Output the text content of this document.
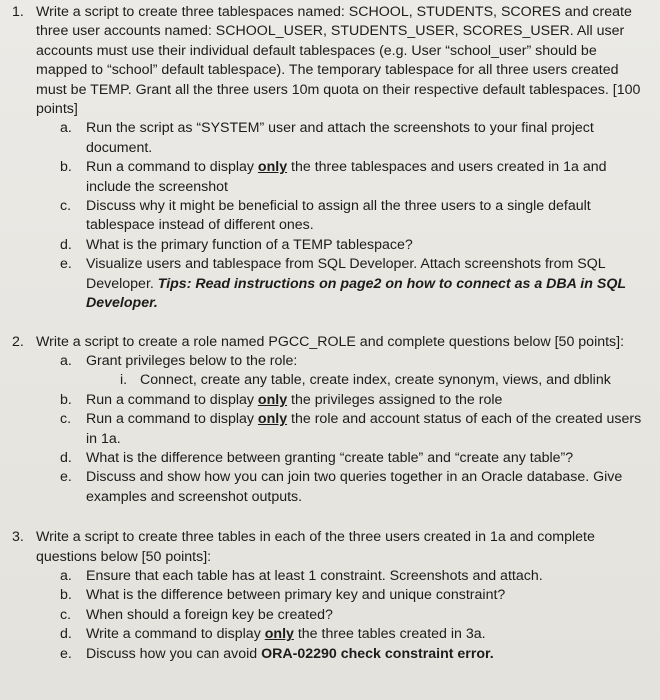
1. Write a script to create three tablespaces named: SCHOOL, STUDENTS, SCORES and create three user accounts named: SCHOOL_USER, STUDENTS_USER, SCORES_USER. All user accounts must use their individual default tablespaces (e.g. User “school_user” should be mapped to “school” default tablespace). The temporary tablespace for all three users created must be TEMP. Grant all the three users 10m quota on their respective default tablespaces. [100 points]
a. Run the script as “SYSTEM” user and attach the screenshots to your final project document.
b. Run a command to display only the three tablespaces and users created in 1a and include the screenshot
c.	Discuss why it might be beneficial to assign all the three users to a single default tablespace instead of different ones.
d. What is the primary function of a TEMP tablespace?
e. Visualize users and tablespace from SQL Developer. Attach screenshots from SQL Developer. Tips: Read instructions on page2 on how to connect as a DBA in SQL Developer.
2. Write a script to create a role named PGCC_ROLE and complete questions below [50 points]:
a. Grant privileges below to the role:
i. Connect, create any table, create index, create synonym, views, and dblink
b. Run a command to display only the privileges assigned to the role
c.	Run a command to display only the role and account status of each of the created users in 1a.
d. What is the difference between granting “create table” and “create any table”?
e. Discuss and show how you can join two queries together in an Oracle database. Give examples and screenshot outputs.
3. Write a script to create three tables in each of the three users created in 1a and complete questions below [50 points]:
a. Ensure that each table has at least 1 constraint. Screenshots and attach.
b. What is the difference between primary key and unique constraint?
c.	When should a foreign key be created?
d. Write a command to display only the three tables created in 3a.
e. Discuss how you can avoid ORA-02290 check constraint error.
